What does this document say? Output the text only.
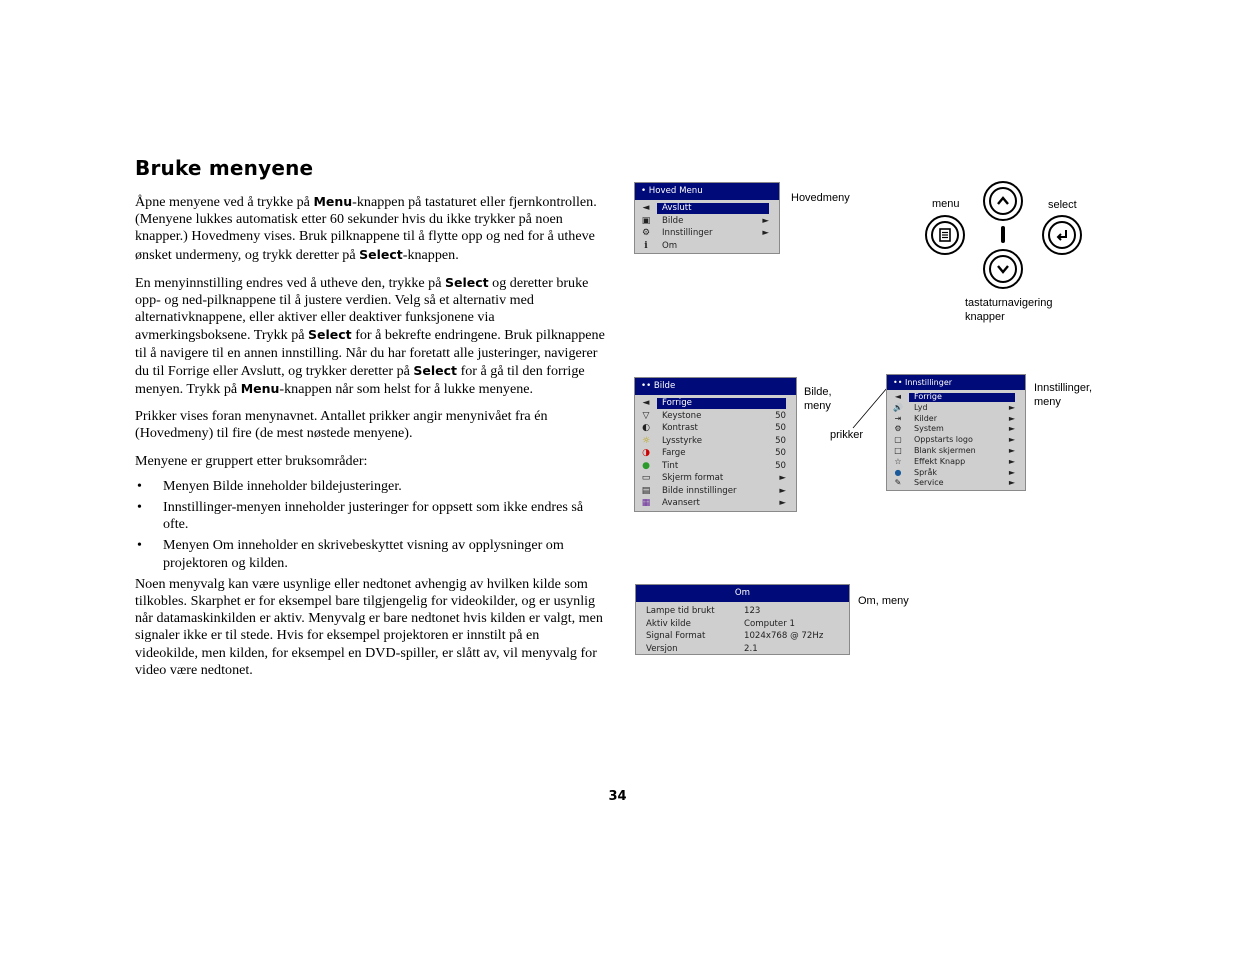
Bruke menyene

Åpne menyene ved å trykke på Menu-knappen på tastaturet eller fjernkontrollen. (Menyene lukkes automatisk etter 60 sekunder hvis du ikke trykker på noen knapper.) Hovedmeny vises. Bruk pilknappene til å flytte opp og ned for å utheve ønsket undermeny, og trykk deretter på Select-knappen.

En menyinnstilling endres ved å utheve den, trykke på Select og deretter bruke opp- og ned-pilknappene til å justere verdien. Velg så et alternativ med alternativknappene, eller aktiver eller deaktiver funksjonene via avmerkingsboksene. Trykk på Select for å bekrefte endringene. Bruk pilknappene til å navigere til en annen innstilling. Når du har foretatt alle justeringer, navigerer du til Forrige eller Avslutt, og trykker deretter på Select for å gå til den forrige menyen. Trykk på Menu-knappen når som helst for å lukke menyene.

Prikker vises foran menynavnet. Antallet prikker angir menynivået fra én (Hovedmeny) til fire (de mest nøstede menyene).

Menyene er gruppert etter bruksområder:

• Menyen Bilde inneholder bildejusteringer.
• Innstillinger-menyen inneholder justeringer for oppsett som ikke endres så ofte.
• Menyen Om inneholder en skrivebeskyttet visning av opplysninger om projektoren og kilden.

Noen menyvalg kan være usynlige eller nedtonet avhengig av hvilken kilde som tilkobles. Skarphet er for eksempel bare tilgjengelig for videokilder, og er usynlig når datamaskinkilden er aktiv. Menyvalg er bare nedtonet hvis kilden er valgt, men signaler ikke er til stede. Hvis for eksempel projektoren er innstilt på en videokilde, men kilden, for eksempel en DVD-spiller, er slått av, vil menyvalg for video være nedtonet.

• Hoved Menu
◄ Avslutt
▣ Bilde	►
⚙ Innstillinger	►
i	Om
Hovedmeny	menu	select
tastaturnavigering knapper
•• Bilde
◄ Forrige
▽ Keystone	50
◐ Kontrast	50
☼ Lysstyrke	50
◑ Farge	50
● Tint	50
▭ Skjerm format	►
▤ Bilde innstillinger	►
▦ Avansert	►
Bilde, meny
prikker
•• Innstillinger
◄ Forrige
🔊 Lyd	►
⇥ Kilder	►
⚙ System	►
▢ Oppstarts logo	►
□ Blank skjermen	►
☆ Effekt Knapp	►
● Språk	►
✎ Service	►
Innstillinger, meny
Om
Lampe tid brukt	123
Aktiv kilde	Computer 1
Signal Format	1024x768 @ 72Hz
Versjon	2.1
Om, meny
34
